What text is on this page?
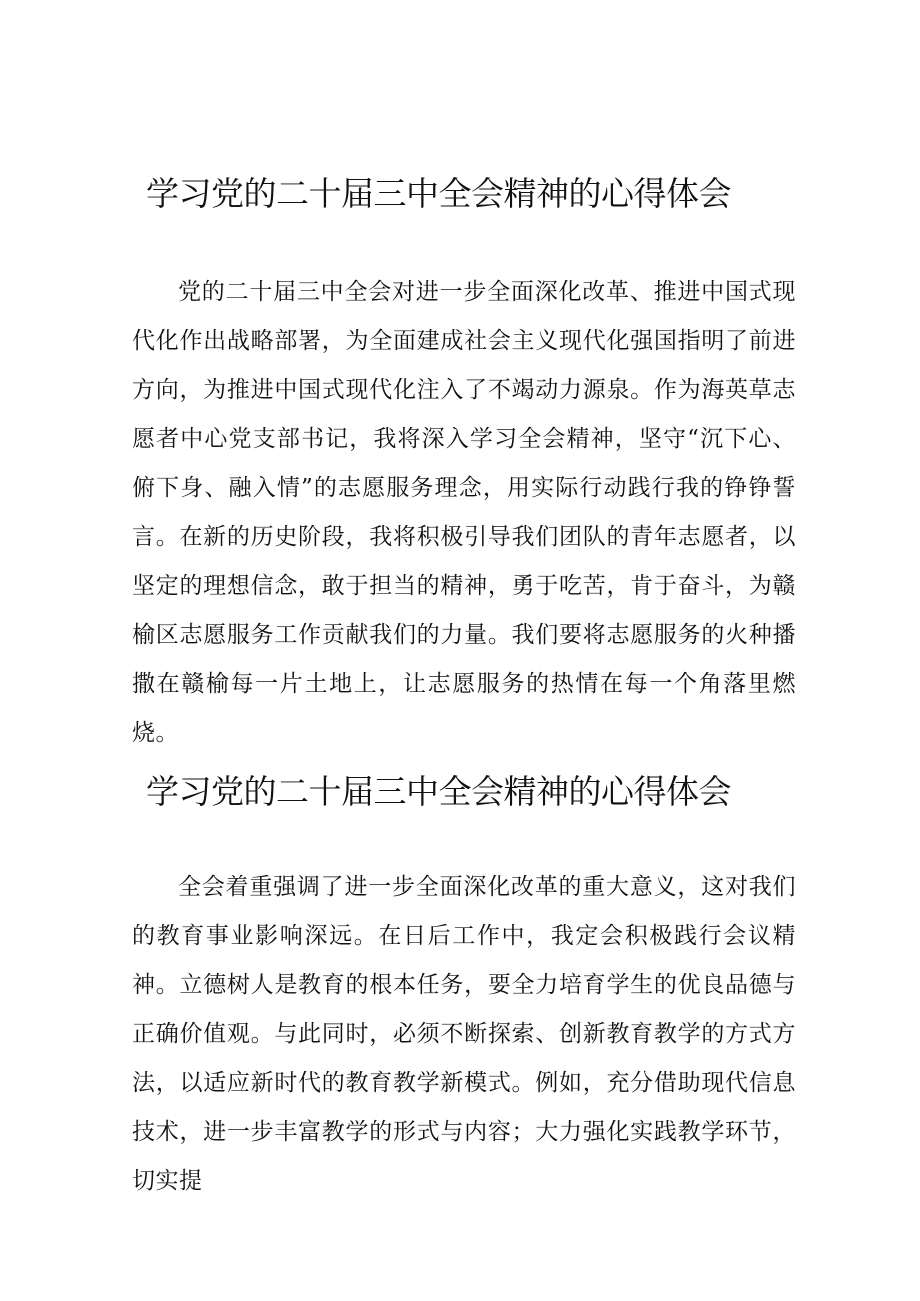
学习党的二十届三中全会精神的心得体会

党的二十届三中全会对进一步全面深化改革、推进中国式现代化作出战略部署，为全面建成社会主义现代化强国指明了前进方向，为推进中国式现代化注入了不竭动力源泉。作为海英草志愿者中心党支部书记，我将深入学习全会精神，坚守“沉下心、俯下身、融入情”的志愿服务理念，用实际行动践行我的铮铮誓言。在新的历史阶段，我将积极引导我们团队的青年志愿者，以坚定的理想信念，敢于担当的精神，勇于吃苦，肯于奋斗，为赣榆区志愿服务工作贡献我们的力量。我们要将志愿服务的火种播撒在赣榆每一片土地上，让志愿服务的热情在每一个角落里燃烧。

学习党的二十届三中全会精神的心得体会

全会着重强调了进一步全面深化改革的重大意义，这对我们的教育事业影响深远。在日后工作中，我定会积极践行会议精神。立德树人是教育的根本任务，要全力培育学生的优良品德与正确价值观。与此同时，必须不断探索、创新教育教学的方式方法，以适应新时代的教育教学新模式。例如，充分借助现代信息技术，进一步丰富教学的形式与内容；大力强化实践教学环节，切实提
